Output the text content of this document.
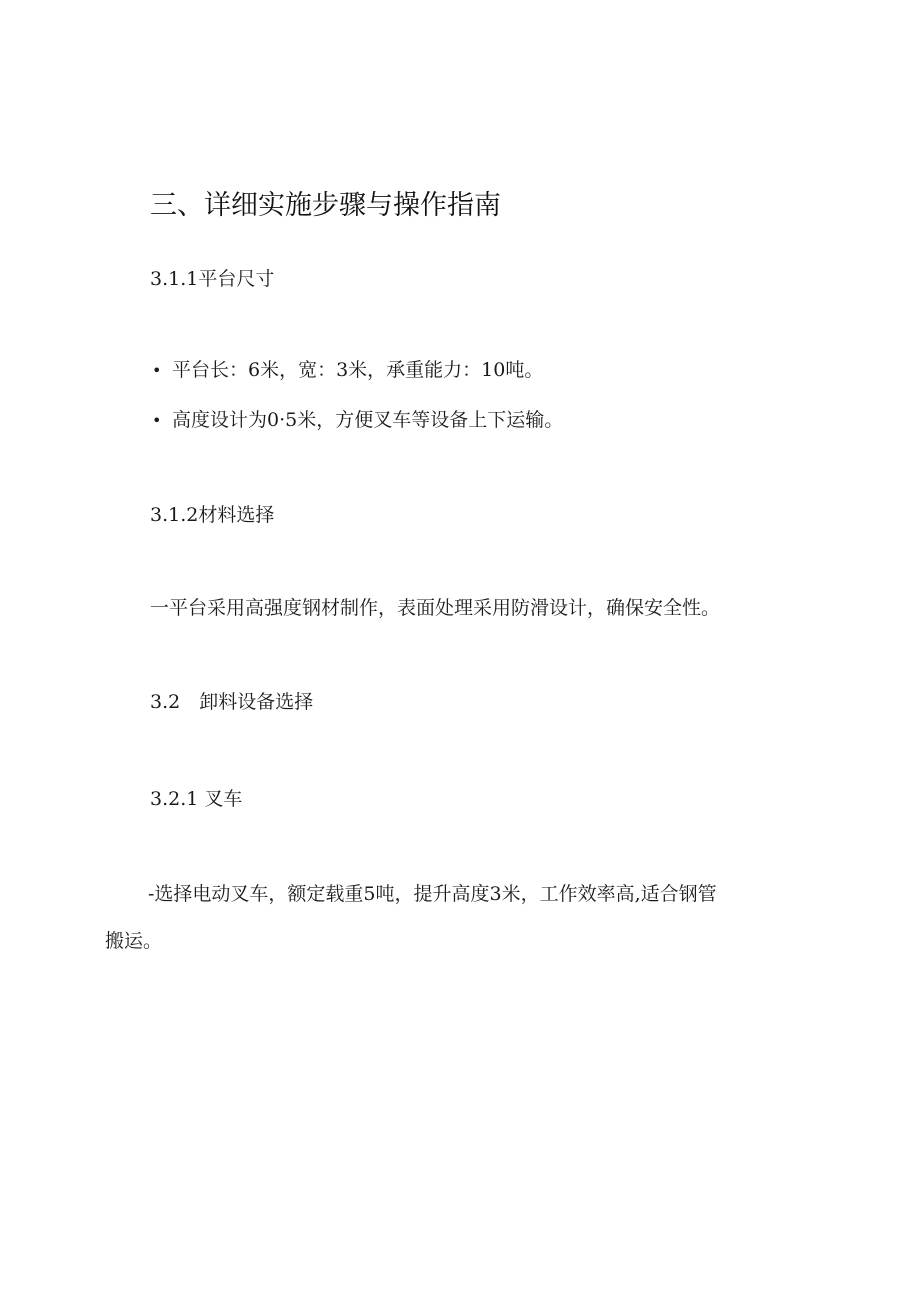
三、详细实施步骤与操作指南
3.1.1平台尺寸
• 平台长：6米，宽：3米，承重能力：10吨。
• 高度设计为0·5米，方便叉车等设备上下运输。
3.1.2材料选择
一平台采用高强度钢材制作，表面处理采用防滑设计，确保安全性。
3.2　卸料设备选择
3.2.1 叉车
-选择电动叉车，额定载重5吨，提升高度3米，工作效率高,适合钢管
搬运。
